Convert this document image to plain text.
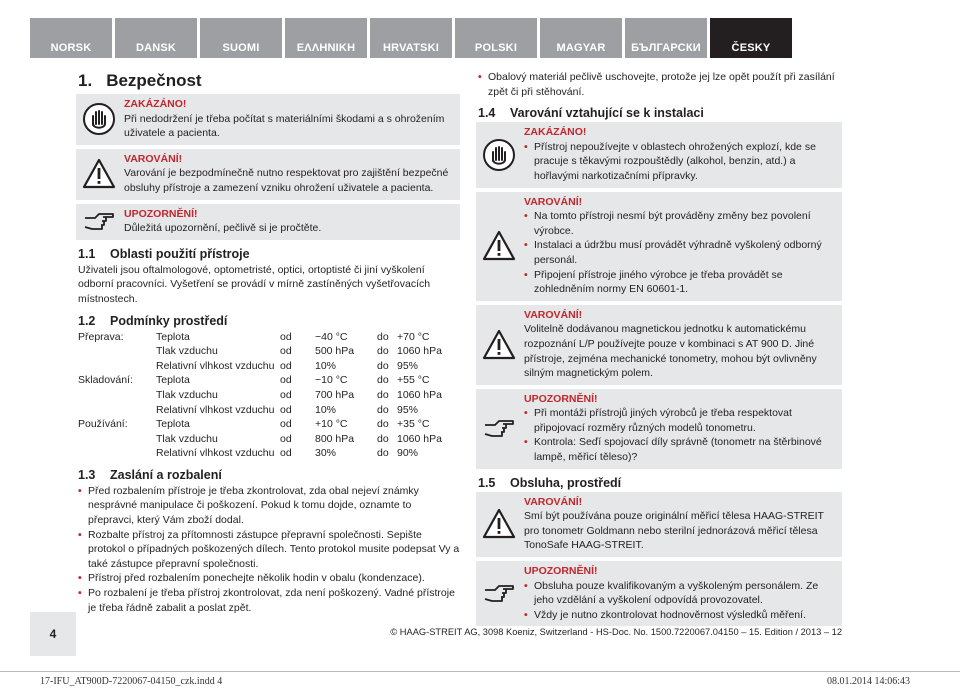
NORSK	DANSK	SUOMI	ΕΛΛΗΝΙΚΗ	HRVATSKI	POLSKI	MAGYAR	БЪЛГАРСКИ	ČESKY
1. Bezpečnost
ZAKÁZÁNO!
Při nedodržení je třeba počítat s materiálními škodami a s ohrožením uživatele a pacienta.
VAROVÁNÍ!
Varování je bezpodmínečně nutno respektovat pro zajištění bezpečné obsluhy přístroje a zamezení vzniku ohrožení uživatele a pacienta.
UPOZORNĚNÍ!
Důležitá upozornění, pečlivě si je pročtěte.
1.1	Oblasti použití přístroje
Uživateli jsou oftalmologové, optometristé, optici, ortoptisté či jiní vyškolení odborní pracovníci. Vyšetření se provádí v mírně zastíněných vyšetřovacích místnostech.
1.2	Podmínky prostředí
Přeprava:	Teplota	od	−40 °C	do +70 °C
Tlak vzduchu	od	500 hPa	do 1060 hPa
Relativní vlhkost vzduchu od	10%	do 95%
Skladování:	Teplota	od	−10 °C	do +55 °C
Tlak vzduchu	od	700 hPa	do 1060 hPa
Relativní vlhkost vzduchu od	10%	do 95%
Používání:	Teplota	od	+10 °C	do +35 °C
Tlak vzduchu	od	800 hPa	do 1060 hPa
Relativní vlhkost vzduchu od	30%	do 90%
1.3	Zaslání a rozbalení
• Před rozbalením přístroje je třeba zkontrolovat, zda obal nejeví známky nesprávné manipulace či poškození. Pokud k tomu dojde, oznamte to přepravci, který Vám zboží dodal.
• Rozbalte přístroj za přítomnosti zástupce přepravní společnosti. Sepište protokol o případných poškozených dílech. Tento protokol musite podepsat Vy a také zástupce přepravní společnosti.
• Přístroj před rozbalením ponechejte několik hodin v obalu (kondenzace).
• Po rozbalení je třeba přístroj zkontrolovat, zda není poškozený. Vadné přístroje je třeba řádně zabalit a poslat zpět.
• Obalový materiál pečlivě uschovejte, protože jej lze opět použít při zasílání zpět či při stěhování.
1.4	Varování vztahující se k instalaci
ZAKÁZÁNO!
• Přístroj nepoužívejte v oblastech ohrožených explozí, kde se pracuje s těkavými rozpouštědly (alkohol, benzin, atd.) a hořlavými narkotizačními přípravky.
VAROVÁNÍ!
• Na tomto přístroji nesmí být prováděny změny bez povolení výrobce.
• Instalaci a údržbu musí provádět výhradně vyškolený odborný personál.
• Připojení přístroje jiného výrobce je třeba provádět se zohledněním normy EN 60601-1.
VAROVÁNÍ!
Volitelně dodávanou magnetickou jednotku k automatickému rozpoznání L/P používejte pouze v kombinaci s AT 900 D. Jiné přístroje, zejména mechanické tonometry, mohou být ovlivněny silným magnetickým polem.
UPOZORNĚNÍ!
• Při montáži přístrojů jiných výrobců je třeba respektovat připojovací rozměry různých modelů tonometru.
• Kontrola: Seďí spojovací díly správně (tonometr na štěrbinové lampě, měřicí těleso)?
1.5	Obsluha, prostředí
VAROVÁNÍ!
Smí být používána pouze originální měřicí tělesa HAAG-STREIT pro tonometr Goldmann nebo sterilní jednorázová měřicí tělesa TonoSafe HAAG-STREIT.
UPOZORNĚNÍ!
• Obsluha pouze kvalifikovaným a vyškoleným personálem. Ze jeho vzdělání a vyškolení odpovídá provozovatel.
• Vždy je nutno zkontrolovat hodnověrnost výsledků měření.
4	© HAAG-STREIT AG, 3098 Koeniz, Switzerland - HS-Doc. No. 1500.7220067.04150 – 15. Edition / 2013 – 12
17-IFU_AT900D-7220067-04150_czk.indd 4	08.01.2014 14:06:43
